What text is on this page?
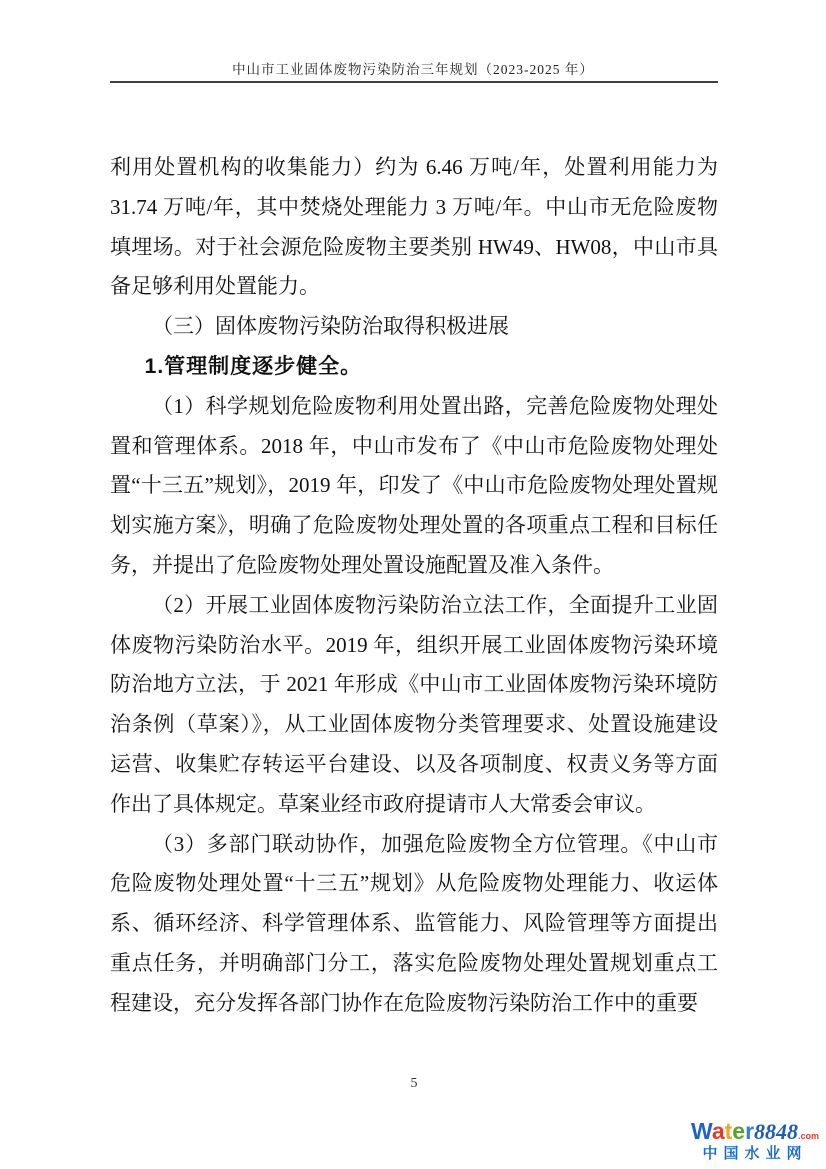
中山市工业固体废物污染防治三年规划（2023-2025 年）

利用处置机构的收集能力）约为 6.46 万吨/年，处置利用能力为 31.74 万吨/年，其中焚烧处理能力 3 万吨/年。中山市无危险废物填埋场。对于社会源危险废物主要类别 HW49、HW08，中山市具备足够利用处置能力。

（三）固体废物污染防治取得积极进展

1.管理制度逐步健全。

（1）科学规划危险废物利用处置出路，完善危险废物处理处置和管理体系。2018 年，中山市发布了《中山市危险废物处理处置“十三五”规划》，2019 年，印发了《中山市危险废物处理处置规划实施方案》，明确了危险废物处理处置的各项重点工程和目标任务，并提出了危险废物处理处置设施配置及准入条件。

（2）开展工业固体废物污染防治立法工作，全面提升工业固体废物污染防治水平。2019 年，组织开展工业固体废物污染环境防治地方立法，于 2021 年形成《中山市工业固体废物污染环境防治条例（草案）》，从工业固体废物分类管理要求、处置设施建设运营、收集贮存转运平台建设、以及各项制度、权责义务等方面作出了具体规定。草案业经市政府提请市人大常委会审议。

（3）多部门联动协作，加强危险废物全方位管理。《中山市危险废物处理处置“十三五”规划》从危险废物处理能力、收运体系、循环经济、科学管理体系、监管能力、风险管理等方面提出重点任务，并明确部门分工，落实危险废物处理处置规划重点工程建设，充分发挥各部门协作在危险废物污染防治工作中的重要

5
Water8848.com
中国水业网
